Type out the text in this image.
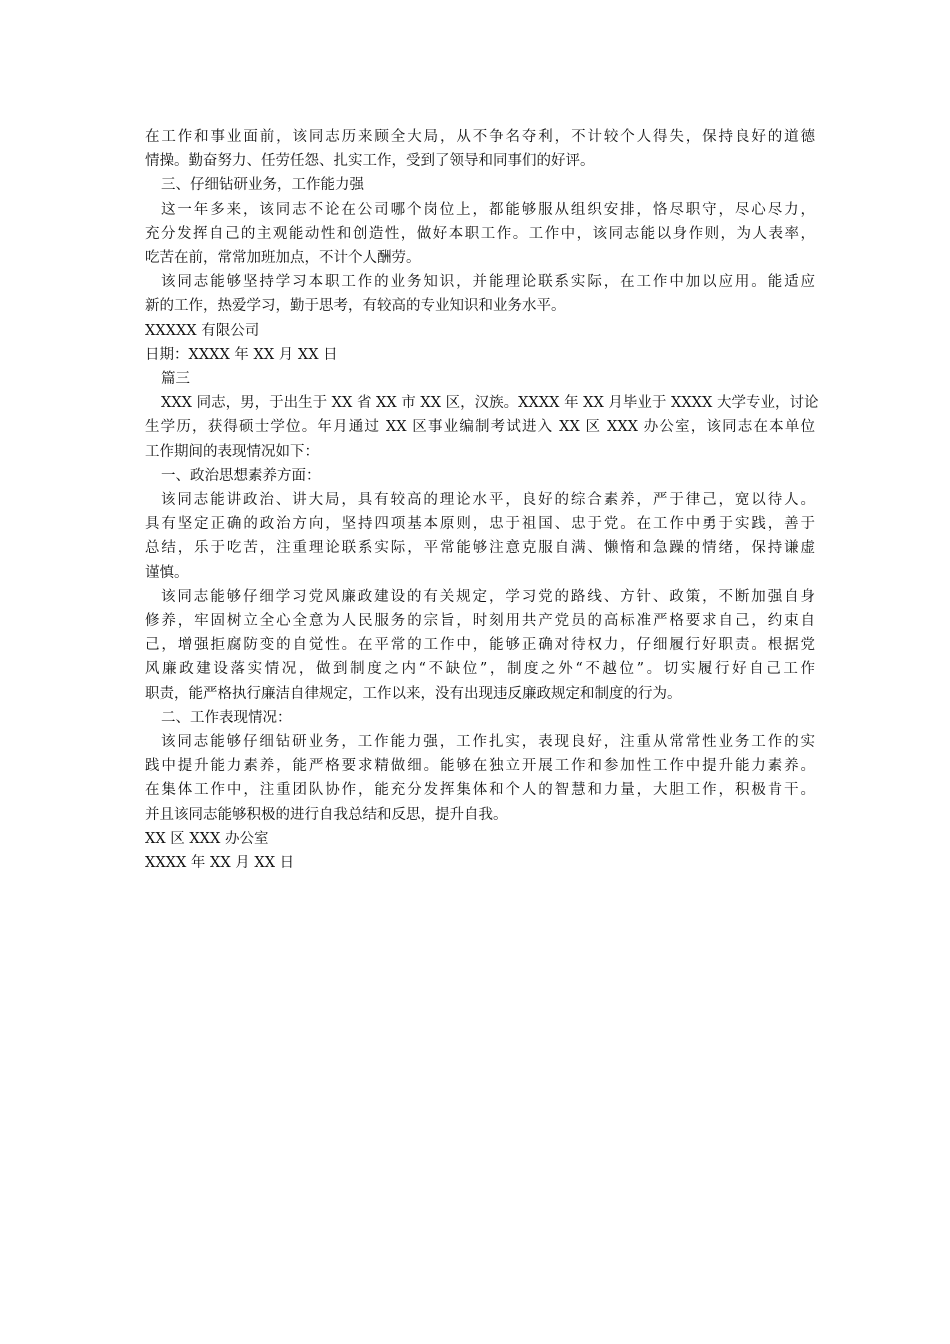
在工作和事业面前，该同志历来顾全大局，从不争名夺利，不计较个人得失，保持良好的道德
情操。勤奋努力、任劳任怨、扎实工作，受到了领导和同事们的好评。
三、仔细钻研业务，工作能力强
这一年多来，该同志不论在公司哪个岗位上，都能够服从组织安排，恪尽职守，尽心尽力，
充分发挥自己的主观能动性和创造性，做好本职工作。工作中，该同志能以身作则，为人表率，
吃苦在前，常常加班加点，不计个人酬劳。
该同志能够坚持学习本职工作的业务知识，并能理论联系实际，在工作中加以应用。能适应
新的工作，热爱学习，勤于思考，有较高的专业知识和业务水平。
XXXXX 有限公司
日期：XXXX 年 XX 月 XX 日
篇三
XXX 同志，男，于出生于 XX 省 XX 市 XX 区，汉族。XXXX 年 XX 月毕业于 XXXX 大学专业，讨论
生学历，获得硕士学位。年月通过 XX 区事业编制考试进入 XX 区 XXX 办公室，该同志在本单位
工作期间的表现情况如下：
一、政治思想素养方面：
该同志能讲政治、讲大局，具有较高的理论水平，良好的综合素养，严于律己，宽以待人。
具有坚定正确的政治方向，坚持四项基本原则，忠于祖国、忠于党。在工作中勇于实践，善于
总结，乐于吃苦，注重理论联系实际，平常能够注意克服自满、懒惰和急躁的情绪，保持谦虚
谨慎。
该同志能够仔细学习党风廉政建设的有关规定，学习党的路线、方针、政策，不断加强自身
修养，牢固树立全心全意为人民服务的宗旨，时刻用共产党员的高标准严格要求自己，约束自
己，增强拒腐防变的自觉性。在平常的工作中，能够正确对待权力，仔细履行好职责。根据党
风廉政建设落实情况，做到制度之内“不缺位”，制度之外“不越位”。切实履行好自己工作
职责，能严格执行廉洁自律规定，工作以来，没有出现违反廉政规定和制度的行为。
二、工作表现情况：
该同志能够仔细钻研业务，工作能力强，工作扎实，表现良好，注重从常常性业务工作的实
践中提升能力素养，能严格要求精做细。能够在独立开展工作和参加性工作中提升能力素养。
在集体工作中，注重团队协作，能充分发挥集体和个人的智慧和力量，大胆工作，积极肯干。
并且该同志能够积极的进行自我总结和反思，提升自我。
XX 区 XXX 办公室
XXXX 年 XX 月 XX 日
